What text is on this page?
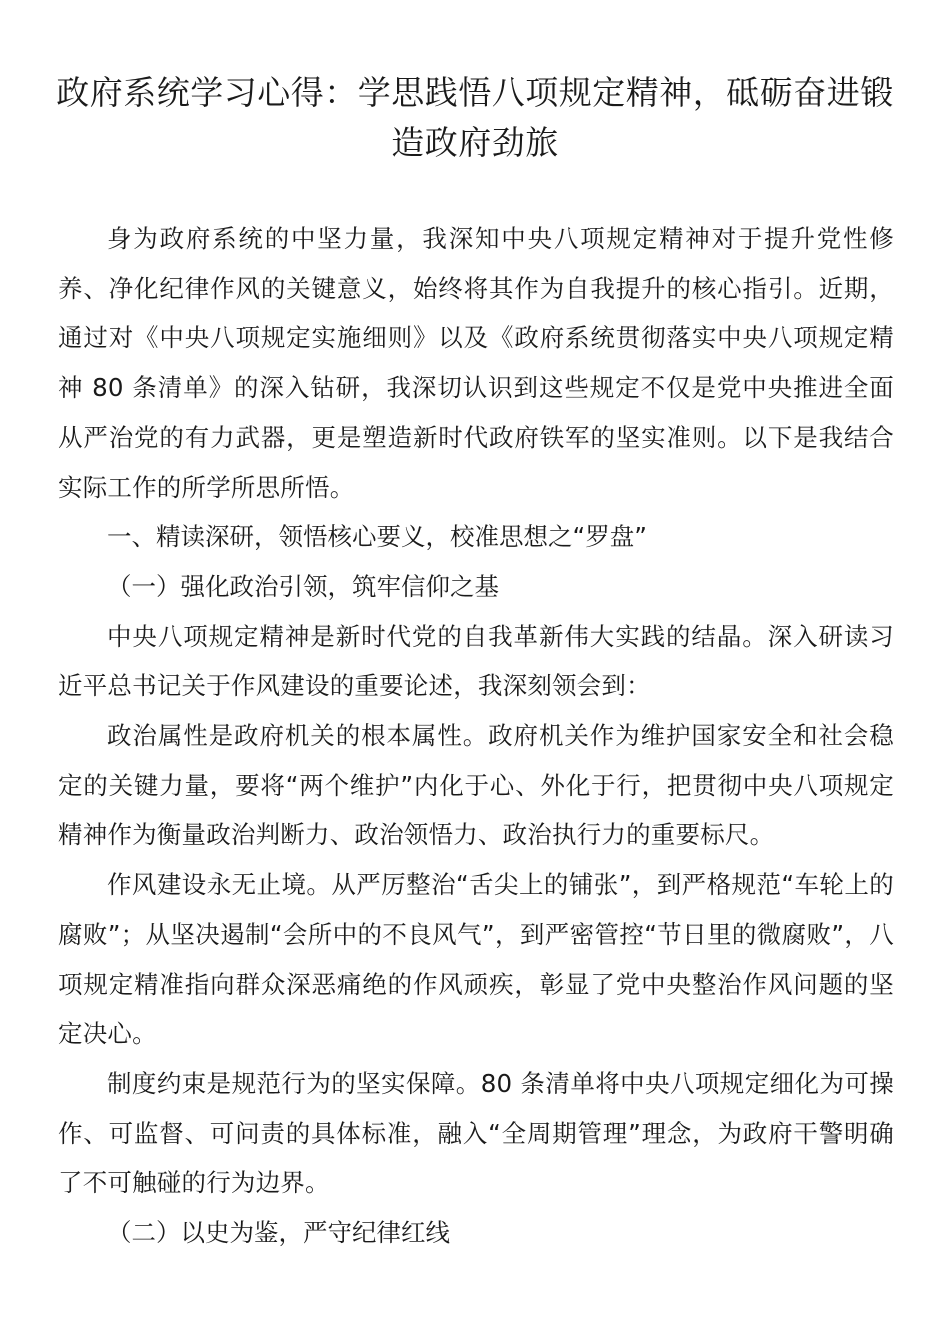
政府系统学习心得：学思践悟八项规定精神，砥砺奋进锻造政府劲旅

身为政府系统的中坚力量，我深知中央八项规定精神对于提升党性修养、净化纪律作风的关键意义，始终将其作为自我提升的核心指引。近期，通过对《中央八项规定实施细则》以及《政府系统贯彻落实中央八项规定精神 80 条清单》的深入钻研，我深切认识到这些规定不仅是党中央推进全面从严治党的有力武器，更是塑造新时代政府铁军的坚实准则。以下是我结合实际工作的所学所思所悟。

一、精读深研，领悟核心要义，校准思想之“罗盘”

（一）强化政治引领，筑牢信仰之基

中央八项规定精神是新时代党的自我革新伟大实践的结晶。深入研读习近平总书记关于作风建设的重要论述，我深刻领会到：

政治属性是政府机关的根本属性。政府机关作为维护国家安全和社会稳定的关键力量，要将“两个维护”内化于心、外化于行，把贯彻中央八项规定精神作为衡量政治判断力、政治领悟力、政治执行力的重要标尺。

作风建设永无止境。从严厉整治“舌尖上的铺张”，到严格规范“车轮上的腐败”；从坚决遏制“会所中的不良风气”，到严密管控“节日里的微腐败”，八项规定精准指向群众深恶痛绝的作风顽疾，彰显了党中央整治作风问题的坚定决心。

制度约束是规范行为的坚实保障。80 条清单将中央八项规定细化为可操作、可监督、可问责的具体标准，融入“全周期管理”理念，为政府干警明确了不可触碰的行为边界。

（二）以史为鉴，严守纪律红线
